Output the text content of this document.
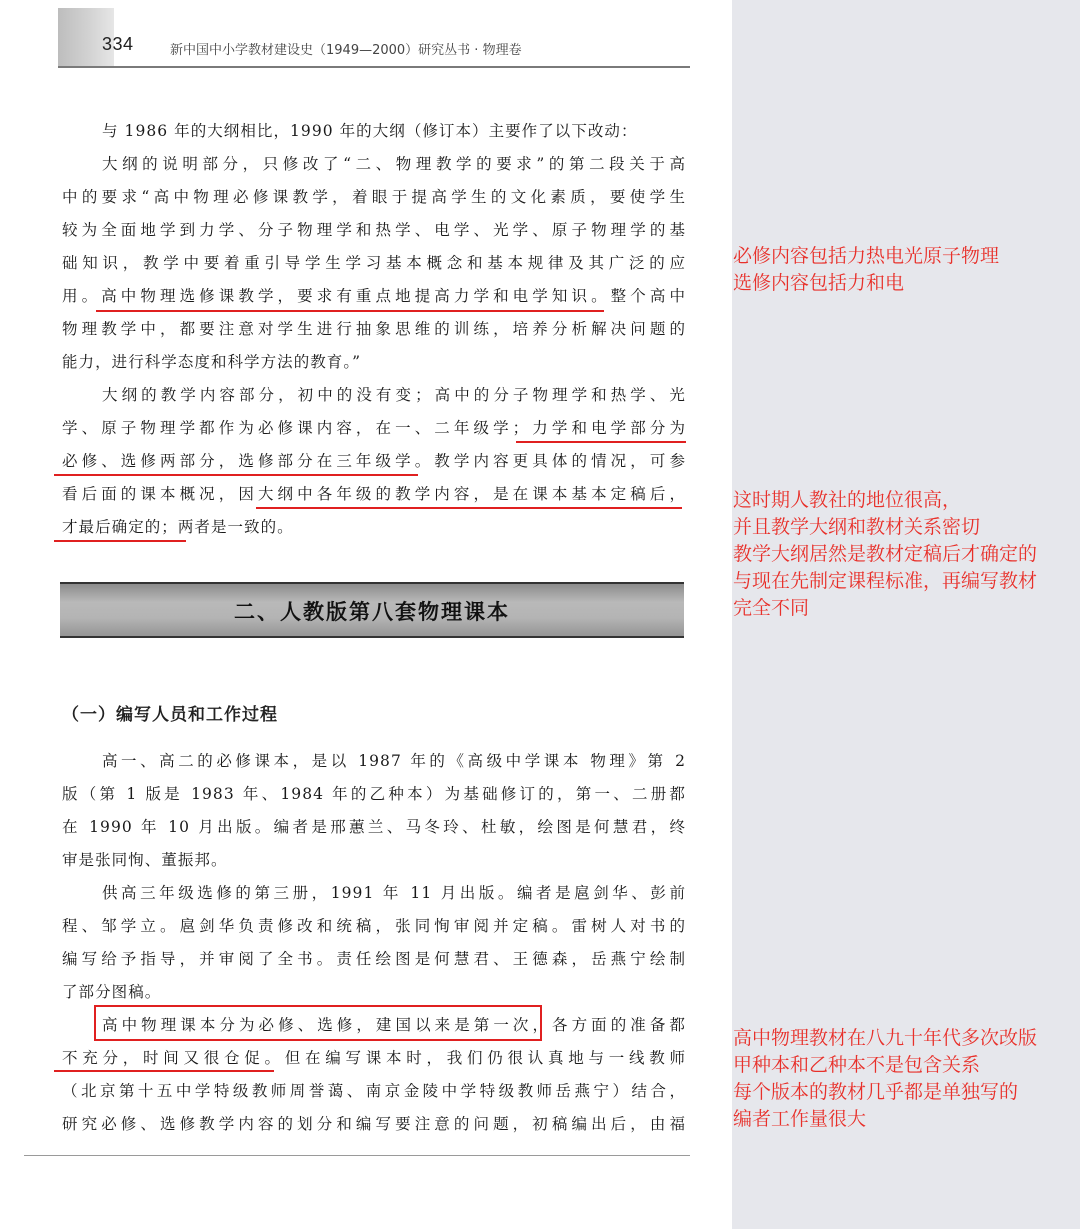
334	新中国中小学教材建设史（1949—2000）研究丛书 · 物理卷
与 1986 年的大纲相比，1990 年的大纲（修订本）主要作了以下改动：
大纲的说明部分，只修改了“二、物理教学的要求”的第二段关于高
中的要求“高中物理必修课教学，着眼于提高学生的文化素质，要使学生
较为全面地学到力学、分子物理学和热学、电学、光学、原子物理学的基
础知识，教学中要着重引导学生学习基本概念和基本规律及其广泛的应
用。高中物理选修课教学，要求有重点地提高力学和电学知识。整个高中
物理教学中，都要注意对学生进行抽象思维的训练，培养分析解决问题的
能力，进行科学态度和科学方法的教育。”
大纲的教学内容部分，初中的没有变；高中的分子物理学和热学、光
学、原子物理学都作为必修课内容，在一、二年级学；力学和电学部分为
必修、选修两部分，选修部分在三年级学。教学内容更具体的情况，可参
看后面的课本概况，因大纲中各年级的教学内容，是在课本基本定稿后，
才最后确定的；两者是一致的。
二、人教版第八套物理课本
（一）编写人员和工作过程
高一、高二的必修课本，是以 1987 年的《高级中学课本 物理》第 2
版（第 1 版是 1983 年、1984 年的乙种本）为基础修订的，第一、二册都
在 1990 年 10 月出版。编者是邢蕙兰、马冬玲、杜敏，绘图是何慧君，终
审是张同恂、董振邦。
供高三年级选修的第三册，1991 年 11 月出版。编者是扈剑华、彭前
程、邹学立。扈剑华负责修改和统稿，张同恂审阅并定稿。雷树人对书的
编写给予指导，并审阅了全书。责任绘图是何慧君、王德森，岳燕宁绘制
了部分图稿。
高中物理课本分为必修、选修，建国以来是第一次，各方面的准备都
不充分，时间又很仓促。但在编写课本时，我们仍很认真地与一线教师
（北京第十五中学特级教师周誉蔼、南京金陵中学特级教师岳燕宁）结合，
研究必修、选修教学内容的划分和编写要注意的问题，初稿编出后，由福
必修内容包括力热电光原子物理
选修内容包括力和电
这时期人教社的地位很高，
并且教学大纲和教材关系密切
教学大纲居然是教材定稿后才确定的
与现在先制定课程标准，再编写教材
完全不同
高中物理教材在八九十年代多次改版
甲种本和乙种本不是包含关系
每个版本的教材几乎都是单独写的
编者工作量很大
